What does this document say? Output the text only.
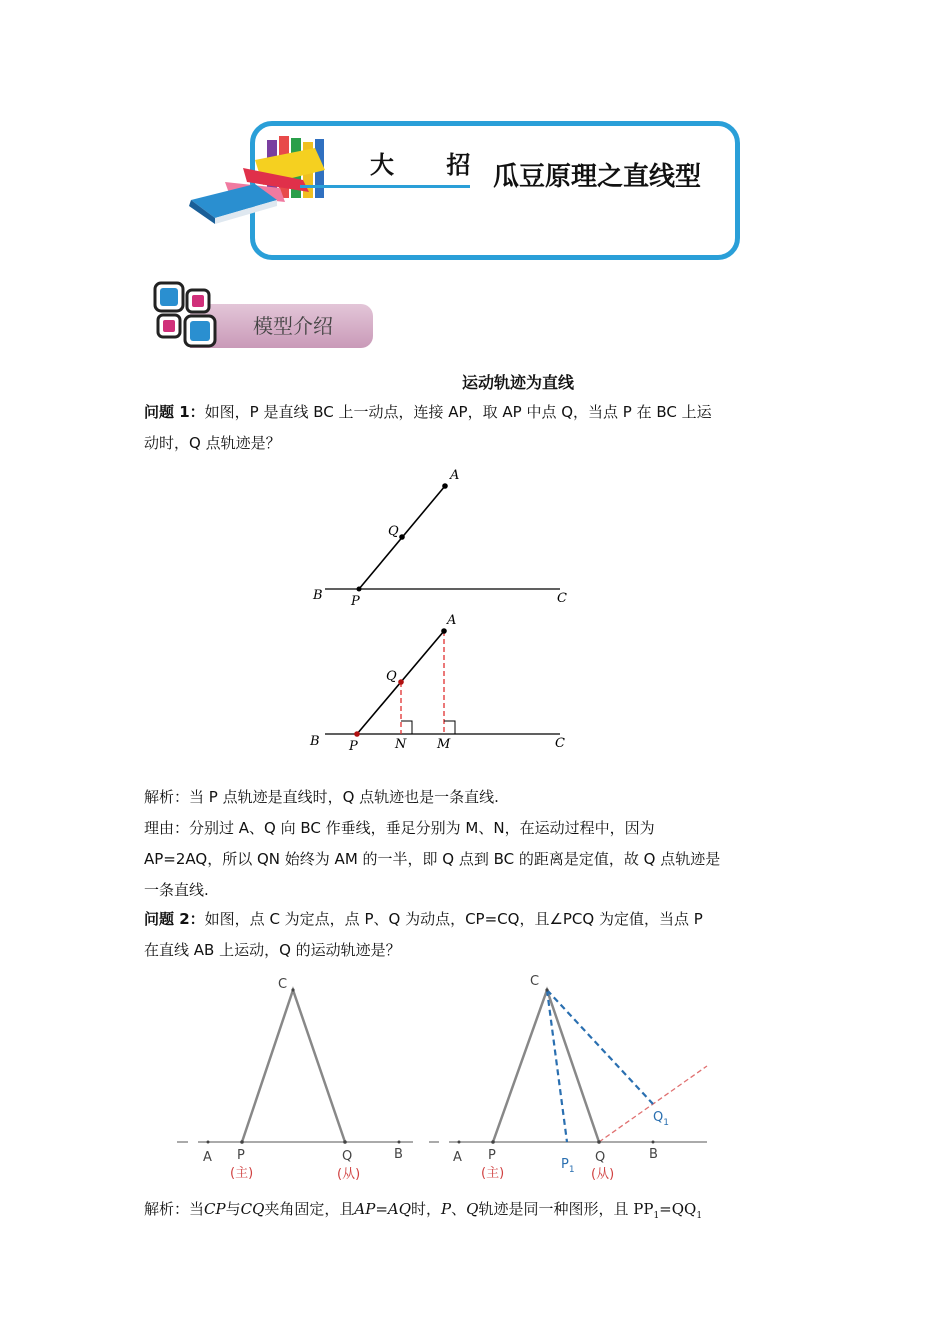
大 招 瓜豆原理之直线型
模型介绍
运动轨迹为直线
问题 1：如图，P 是直线 BC 上一动点，连接 AP，取 AP 中点 Q，当点 P 在 BC 上运
动时，Q 点轨迹是？
A
Q
B P	C
A
Q
B P	N M	C
解析：当 P 点轨迹是直线时，Q 点轨迹也是一条直线.
理由：分别过 A、Q 向 BC 作垂线，垂足分别为 M、N，在运动过程中，因为
AP=2AQ，所以 QN 始终为 AM 的一半，即 Q 点到 BC 的距离是定值，故 Q 点轨迹是
一条直线.
问题 2：如图，点 C 为定点，点 P、Q 为动点，CP=CQ，且∠PCQ 为定值，当点 P
在直线 AB 上运动，Q 的运动轨迹是？
C
A P	Q	B
(主)	(从)
C
A P
$P_1$
Q	B
$Q_1$
(主)	(从)
解析：当CP与CQ夹角固定，且AP=AQ时，P、Q轨迹是同一种图形，且 $PP_1=QQ_1$
